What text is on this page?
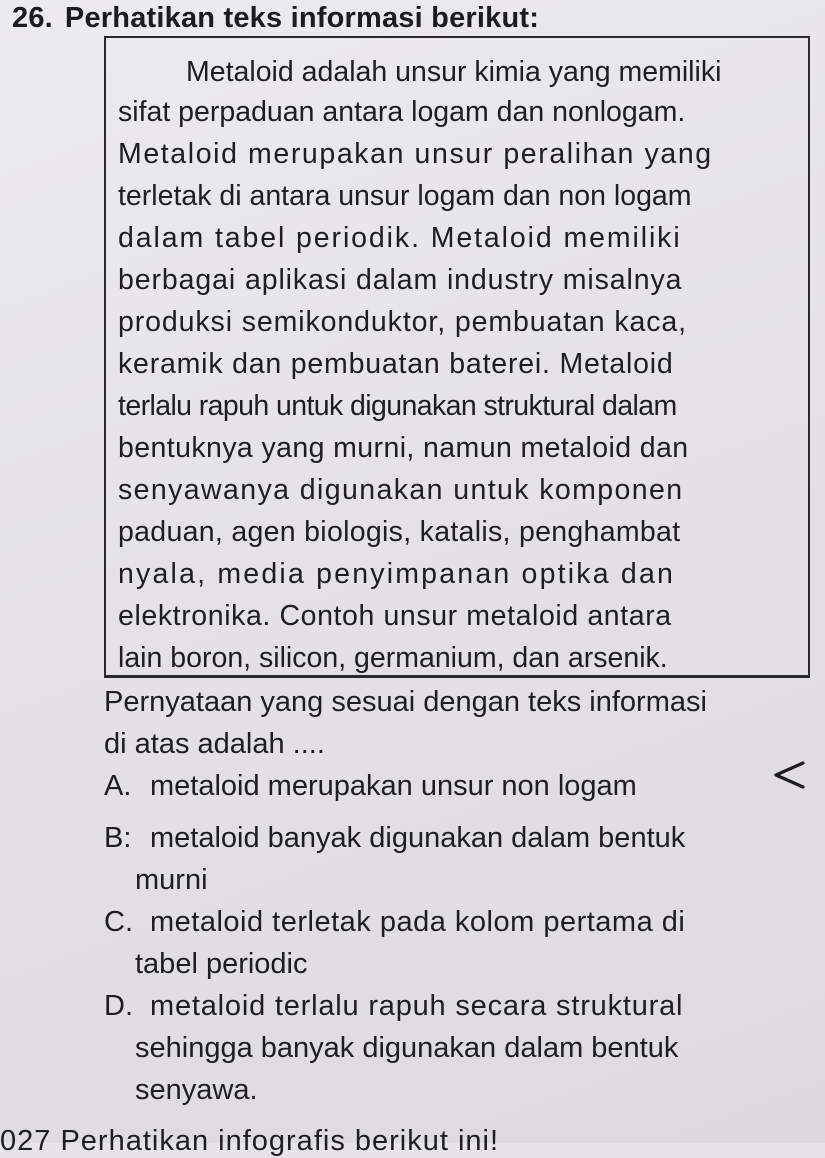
26. Perhatikan teks informasi berikut:
Metaloid adalah unsur kimia yang memiliki
sifat perpaduan antara logam dan nonlogam.
Metaloid merupakan unsur peralihan yang
terletak di antara unsur logam dan non logam
dalam tabel periodik. Metaloid memiliki
berbagai aplikasi dalam industry misalnya
produksi semikonduktor, pembuatan kaca,
keramik dan pembuatan baterei. Metaloid
terlalu rapuh untuk digunakan struktural dalam
bentuknya yang murni, namun metaloid dan
senyawanya digunakan untuk komponen
paduan, agen biologis, katalis, penghambat
nyala, media penyimpanan optika dan
elektronika. Contoh unsur metaloid antara
lain boron, silicon, germanium, dan arsenik.
Pernyataan yang sesuai dengan teks informasi
di atas adalah ....
A. metaloid merupakan unsur non logam
B: metaloid banyak digunakan dalam bentuk
murni
C. metaloid terletak pada kolom pertama di
tabel periodic
D. metaloid terlalu rapuh secara struktural
sehingga banyak digunakan dalam bentuk
senyawa.
027 Perhatikan infografis berikut ini!
